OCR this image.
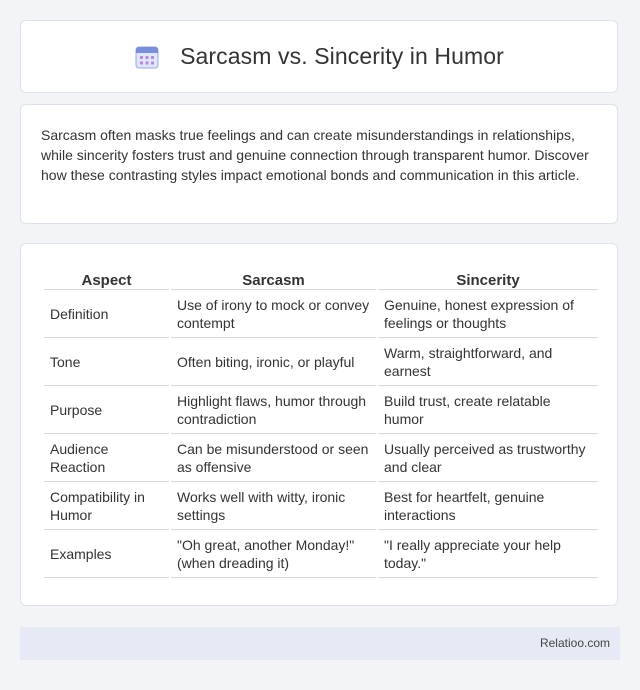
Sarcasm vs. Sincerity in Humor

Sarcasm often masks true feelings and can create misunderstandings in relationships, while sincerity fosters trust and genuine connection through transparent humor. Discover how these contrasting styles impact emotional bonds and communication in this article.

Aspect	Sarcasm	Sincerity
Definition	Use of irony to mock or convey contempt	Genuine, honest expression of feelings or thoughts
Tone	Often biting, ironic, or playful	Warm, straightforward, and earnest
Purpose	Highlight flaws, humor through contradiction	Build trust, create relatable humor
Audience Reaction	Can be misunderstood or seen as offensive	Usually perceived as trustworthy and clear
Compatibility in Humor	Works well with witty, ironic settings	Best for heartfelt, genuine interactions
Examples	"Oh great, another Monday!" (when dreading it)	"I really appreciate your help today."
Relatioo.com
